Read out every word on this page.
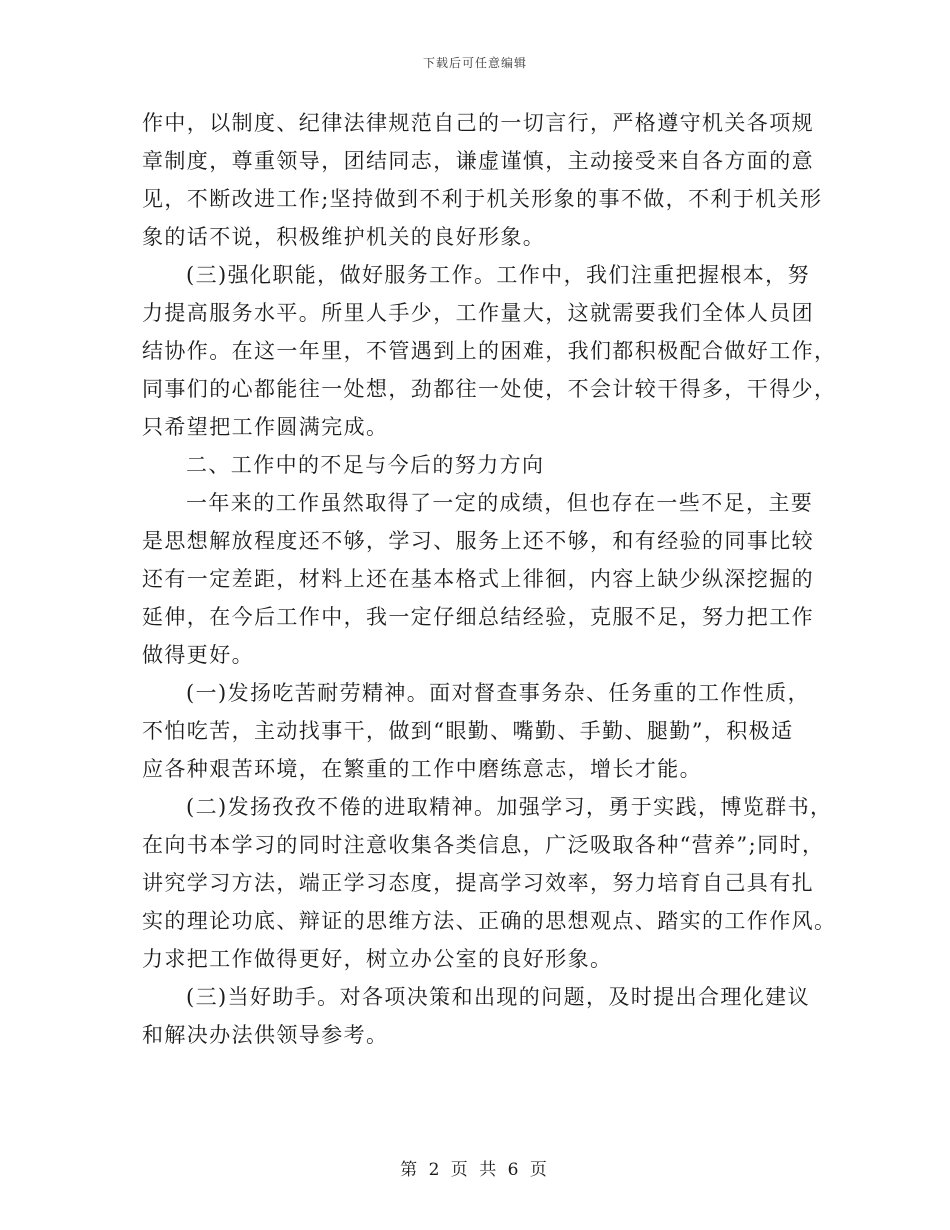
下载后可任意编辑
作中，以制度、纪律法律规范自己的一切言行，严格遵守机关各项规
章制度，尊重领导，团结同志，谦虚谨慎，主动接受来自各方面的意
见，不断改进工作;坚持做到不利于机关形象的事不做，不利于机关形
象的话不说，积极维护机关的良好形象。
(三)强化职能，做好服务工作。工作中，我们注重把握根本，努
力提高服务水平。所里人手少，工作量大，这就需要我们全体人员团
结协作。在这一年里，不管遇到上的困难，我们都积极配合做好工作，
同事们的心都能往一处想，劲都往一处使，不会计较干得多，干得少，
只希望把工作圆满完成。
二、工作中的不足与今后的努力方向
一年来的工作虽然取得了一定的成绩，但也存在一些不足，主要
是思想解放程度还不够，学习、服务上还不够，和有经验的同事比较
还有一定差距，材料上还在基本格式上徘徊，内容上缺少纵深挖掘的
延伸，在今后工作中，我一定仔细总结经验，克服不足，努力把工作
做得更好。
(一)发扬吃苦耐劳精神。面对督查事务杂、任务重的工作性质，
不怕吃苦，主动找事干，做到“眼勤、嘴勤、手勤、腿勤”，积极适
应各种艰苦环境，在繁重的工作中磨练意志，增长才能。
(二)发扬孜孜不倦的进取精神。加强学习，勇于实践，博览群书，
在向书本学习的同时注意收集各类信息，广泛吸取各种“营养”;同时，
讲究学习方法，端正学习态度，提高学习效率，努力培育自己具有扎
实的理论功底、辩证的思维方法、正确的思想观点、踏实的工作作风。
力求把工作做得更好，树立办公室的良好形象。
(三)当好助手。对各项决策和出现的问题，及时提出合理化建议
和解决办法供领导参考。
第 2 页 共 6 页
